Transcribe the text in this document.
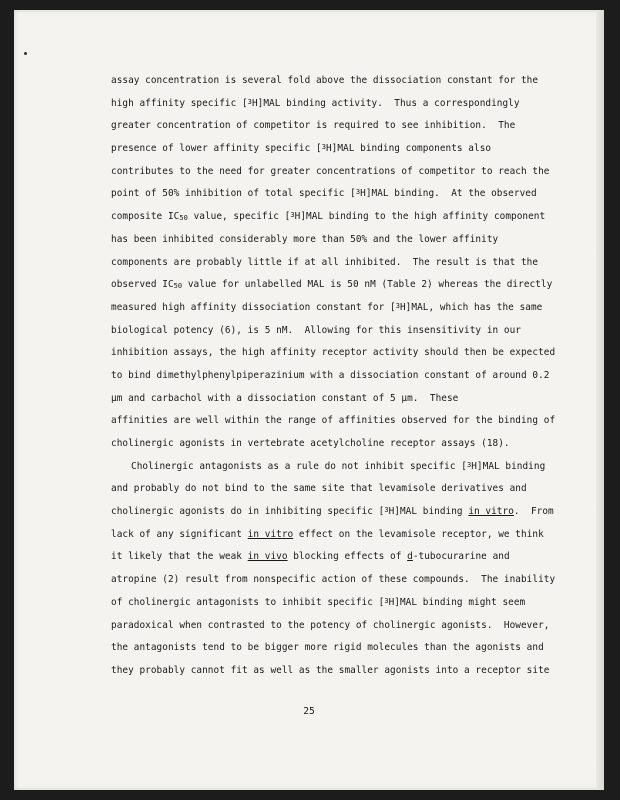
assay concentration is several fold above the dissociation constant for the
high affinity specific [$^3$H]MAL binding activity.  Thus a correspondingly
greater concentration of competitor is required to see inhibition.  The
presence of lower affinity specific [$^3$H]MAL binding components also
contributes to the need for greater concentrations of competitor to reach the
point of 50% inhibition of total specific [$^3$H]MAL binding.  At the observed
composite $IC_{50}$ value, specific [$^3$H]MAL binding to the high affinity component
has been inhibited considerably more than 50% and the lower affinity
components are probably little if at all inhibited.  The result is that the
observed $IC_{50}$ value for unlabelled MAL is 50 nM (Table 2) whereas the directly
measured high affinity dissociation constant for [$^3$H]MAL, which has the same
biological potency (6), is 5 nM.  Allowing for this insensitivity in our
inhibition assays, the high affinity receptor activity should then be expected
to bind dimethylphenylpiperazinium with a dissociation constant of around 0.2
µm and carbachol with a dissociation constant of 5 µm.  These
affinities are well within the range of affinities observed for the binding of
cholinergic agonists in vertebrate acetylcholine receptor assays (18).
Cholinergic antagonists as a rule do not inhibit specific [$^3$H]MAL binding
and probably do not bind to the same site that levamisole derivatives and
cholinergic agonists do in inhibiting specific [$^3$H]MAL binding in vitro.  From
lack of any significant in vitro effect on the levamisole receptor, we think
it likely that the weak in vivo blocking effects of d-tubocurarine and
atropine (2) result from nonspecific action of these compounds.  The inability
of cholinergic antagonists to inhibit specific [$^3$H]MAL binding might seem
paradoxical when contrasted to the potency of cholinergic agonists.  However,
the antagonists tend to be bigger more rigid molecules than the agonists and
they probably cannot fit as well as the smaller agonists into a receptor site
25
